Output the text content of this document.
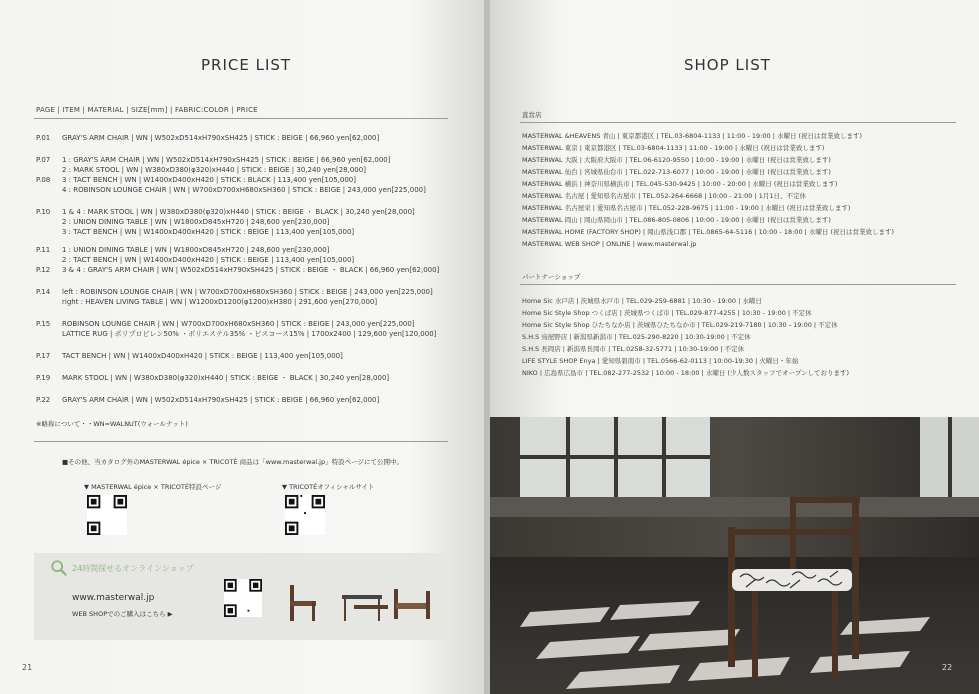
PRICE LIST
PAGE | ITEM | MATERIAL | SIZE[mm] | FABRIC:COLOR | PRICE
P.01 GRAY'S ARM CHAIR | WN | W502xD514xH790xSH425 | STICK : BEIGE | 66,960 yen[62,000]
P.07 1 : GRAY'S ARM CHAIR | WN | W502xD514xH790xSH425 | STICK : BEIGE | 66,960 yen[62,000]
2 : MARK STOOL | WN | W380xD380(φ320)xH440 | STICK : BEIGE | 30,240 yen[28,000]
P.08 3 : TACT BENCH | WN | W1400xD400xH420 | STICK : BLACK | 113,400 yen[105,000]
4 : ROBINSON LOUNGE CHAIR | WN | W700xD700xH680xSH360 | STICK : BEIGE | 243,000 yen[225,000]
P.10 1 & 4 : MARK STOOL | WN | W380xD380(φ320)xH440 | STICK : BEIGE ・ BLACK | 30,240 yen[28,000]
2 : UNION DINING TABLE | WN | W1800xD845xH720 | 248,600 yen[230,000]
3 : TACT BENCH | WN | W1400xD400xH420 | STICK : BEIGE | 113,400 yen[105,000]
P.11 1 : UNION DINING TABLE | WN | W1800xD845xH720 | 248,600 yen[230,000]
2 : TACT BENCH | WN | W1400xD400xH420 | STICK : BEIGE | 113,400 yen[105,000]
P.12 3 & 4 : GRAY'S ARM CHAIR | WN | W502xD514xH790xSH425 | STICK : BEIGE ・ BLACK | 66,960 yen[62,000]
P.14 left : ROBINSON LOUNGE CHAIR | WN | W700xD700xH680xSH360 | STICK : BEIGE | 243,000 yen[225,000]
right : HEAVEN LIVING TABLE | WN | W1200xD1200(φ1200)xH380 | 291,600 yen[270,000]
P.15 ROBINSON LOUNGE CHAIR | WN | W700xD700xH680xSH360 | STICK : BEIGE | 243,000 yen[225,000]
LATTICE RUG | ポリプロピレン50% ・ポリエステル35% ・ビスコース15% | 1700x2400 | 129,600 yen[120,000]
P.17 TACT BENCH | WN | W1400xD400xH420 | STICK : BEIGE | 113,400 yen[105,000]
P.19 MARK STOOL | WN | W380xD380(φ320)xH440 | STICK : BEIGE ・ BLACK | 30,240 yen[28,000]
P.22 GRAY'S ARM CHAIR | WN | W502xD514xH790xSH425 | STICK : BEIGE | 66,960 yen[62,000]
※略称について・・WN=WALNUT(ウォールナット)
■その他、当カタログ外のMASTERWAL épice × TRICOTÉ 商品は「www.masterwal.jp」特設ページにて公開中。
▼ MASTERWAL épice × TRICOTÉ特設ページ	▼ TRICOTÉオフィシャルサイト
24時間探せるオンラインショップ
www.masterwal.jp
WEB SHOPでのご購入はこちら ▶
21
SHOP LIST
直営店
MASTERWAL &HEAVENS 青山 | 東京都港区 | TEL.03-6804-1133 | 11:00 - 19:00 | 水曜日 (祝日は営業致します)
MASTERWAL 東京 | 東京都港区 | TEL.03-6804-1133 | 11:00 - 19:00 | 水曜日 (祝日は営業致します)
MASTERWAL 大阪 | 大阪府大阪市 | TEL.06-6120-9550 | 10:00 - 19:00 | 水曜日 (祝日は営業致します)
MASTERWAL 仙台 | 宮城県仙台市 | TEL.022-713-6077 | 10:00 - 19:00 | 水曜日 (祝日は営業致します)
MASTERWAL 横浜 | 神奈川県横浜市 | TEL.045-530-9425 | 10:00 - 20:00 | 水曜日 (祝日は営業致します)
MASTERWAL 名古屋 | 愛知県名古屋市 | TEL.052-264-6668 | 10:00 - 21:00 | 1月1日、不定休
MASTERWAL 名古屋栄 | 愛知県名古屋市 | TEL.052-228-9675 | 11:00 - 19:00 | 水曜日 (祝日は営業致します)
MASTERWAL 岡山 | 岡山県岡山市 | TEL.086-805-0806 | 10:00 - 19:00 | 水曜日 (祝日は営業致します)
MASTERWAL HOME (FACTORY SHOP) | 岡山県浅口郡 | TEL.0865-64-5116 | 10:00 - 18:00 | 水曜日 (祝日は営業致します)
MASTERWAL WEB SHOP | ONLINE | www.masterwal.jp
パートナーショップ
Home Sic 水戸店 | 茨城県水戸市 | TEL.029-259-6881 | 10:30 - 19:00 | 水曜日
Home Sic Style Shop つくば店 | 茨城県つくば市 | TEL.029-877-4255 | 10:30 - 19:00 | 不定休
Home Sic Style Shop ひたちなか店 | 茨城県ひたちなか市 | TEL.029-219-7180 | 10:30 - 19:00 | 不定休
S.H.S 鳥屋野店 | 新潟県新潟市 | TEL.025-290-8220 | 10:30-19:00 | 不定休
S.H.S 長岡店 | 新潟県長岡市 | TEL.0258-32-5771 | 10:30-19:00 | 不定休
LIFE STYLE SHOP Enya | 愛知県碧南市 | TEL.0566-62-0113 | 10:00-19:30 | 火曜日・年始
NIKO | 広島県広島市 | TEL.082-277-2532 | 10:00 - 18:00 | 水曜日 (少人数スタッフでオープンしております)
22
